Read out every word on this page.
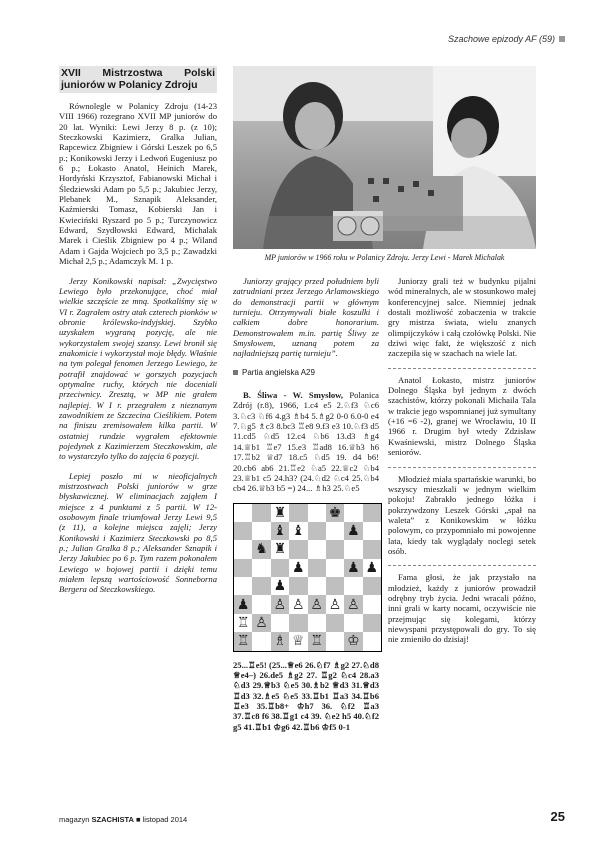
Szachowe epizody AF (59)
XVII Mistrzostwa Polski juniorów w Polanicy Zdroju

Równolegle w Polanicy Zdroju (14-23 VIII 1966) rozegrano XVII MP juniorów do 20 lat. Wyniki: Lewi Jerzy 8 p. (z 10); Steczkowski Kazimierz, Gralka Julian, Rapcewicz Zbigniew i Górski Leszek po 6,5 p.; Konikowski Jerzy i Ledwoń Eugeniusz po 6 p.; Łokasto Anatol, Heinich Marek, Hordyński Krzysztof, Fabianowski Michał i Śledziewski Adam po 5,5 p.; Jakubiec Jerzy, Plebanek M., Sznapik Aleksander, Kaźmierski Tomasz, Kobierski Jan i Kwieciński Ryszard po 5 p.; Turczynowicz Edward, Szydłowski Edward, Michalak Marek i Cieślik Zbigniew po 4 p.; Wiland Adam i Gajda Wojciech po 3,5 p.; Zawadzki Michał 2,5 p.; Adamczyk M. 1 p.

Jerzy Konikowski napisał: „Zwycięstwo Lewiego było przekonujące, choć miał wielkie szczęście ze mną. Spotkaliśmy się w VI r. Zagrałem ostry atak czterech pionków w obronie królewsko-indyjskiej. Szybko uzyskałem wygraną pozycję, ale nie wykorzystałem swojej szansy. Lewi bronił się znakomicie i wykorzystał moje błędy. Właśnie na tym polegał fenomen Jerzego Lewiego, że potrafił znajdować w gorszych pozycjach optymalne ruchy, których nie doceniali przeciwnicy. Zresztą, w MP nie grałem najlepiej. W I r. przegrałem z nieznanym zawodnikiem ze Szczecina Cieślikiem. Potem na finiszu zremisowałem kilka partii. W ostatniej rundzie wygrałem efektownie pojedynek z Kazimierzem Steczkowskim, ale to wystarczyło tylko do zajęcia 6 pozycji.

Lepiej poszło mi w nieoficjalnych mistrzostwach Polski juniorów w grze błyskawicznej. W eliminacjach zająłem I miejsce z 4 punktami z 5 partii. W 12-osobowym finale triumfował Jerzy Lewi 9,5 (z 11), a kolejne miejsca zajęli; Jerzy Konikowski i Kazimierz Steczkowski po 8,5 p.; Julian Gralka 8 p.; Aleksander Sznapik i Jerzy Jakubiec po 6 p. Tym razem pokonałem Lewiego w bojowej partii i dzięki temu miałem lepszą wartościowość Sonneborna Bergera od Steczkowskiego.

MP juniorów w 1966 roku w Polanicy Zdroju. Jerzy Lewi - Marek Michalak

Juniorzy grający przed południem byli zatrudniani przez Jerzego Arlamowskiego do demonstracji partii w głównym turnieju. Otrzymywali białe koszulki i całkiem dobre honorarium. Demonstrowałem m.in. partię Śliwy ze Smysłowem, uznaną potem za najładniejszą partię turnieju”.

Partia angielska A29

B. Śliwa - W. Smysłow, Polanica Zdrój (r.8), 1966, 1.c4 e5 2.♘f3 ♘c6 3.♘c3 ♘f6 4.g3 ♗b4 5.♗g2 0-0 6.0-0 e4 7.♘g5 ♗c3 8.bc3 ♖e8 9.f3 e3 10.♘f3 d5 11.cd5 ♘d5 12.c4 ♘b6 13.d3 ♗g4 14.♕b1 ♖e7 15.e3 ♖ad8 16.♕b3 h6 17.♖b2 ♕d7 18.c5 ♘d5 19. d4 b6! 20.cb6 ab6 21.♖e2 ♘a5 22.♕c2 ♘b4 23.♕b1 c5 24.h3? (24.♘d2 ♘c4 25.♘b4 cb4 26.♕b3 b5 =) 24... ♗h3 25.♘e5

♜	♚
♝ ♝	♟
♞ ♜
♟	♟ ♟
♟
♟ ♙ ♙ ♙ ♙ ♙
♖ ♙
♖ ♗ ♕ ♖ ♔

25...♖e5! (25...♕e6 26.♘f7 ♗g2 27.♘d8 ♕e4–) 26.de5 ♗g2 27. ♖g2 ♘c4 28.a3 ♘d3 29.♕b3 ♘e5 30.♗b2 ♕d3 31.♕d3 ♖d3 32.♗e5 ♘e5 33.♖b1 ♖a3 34.♖b6 ♖e3 35.♖b8+ ♔h7 36. ♘f2 ♖a3 37.♖c8 f6 38.♖g1 c4 39. ♘e2 h5 40.♘f2 g5 41.♖b1 ♔g6 42.♖b6 ♔f5 0-1

Juniorzy grali też w budynku pijalni wód mineralnych, ale w stosunkowo małej konferencyjnej salce. Niemniej jednak dostali możliwość zobaczenia w trakcie gry mistrza świata, wielu znanych olimpijczyków i całą czołówkę Polski. Nie dziwi więc fakt, że większość z nich zaczepiła się w szachach na wiele lat.

Anatol Łokasto, mistrz juniorów Dolnego Śląska był jednym z dwóch szachistów, którzy pokonali Michaila Tala w trakcie jego wspomnianej już symultany (+16 =6 -2), granej we Wrocławiu, 10 II 1966 r. Drugim był wtedy Zdzisław Kwaśniewski, mistrz Dolnego Śląska seniorów.

Młodzież miała spartańskie warunki, bo wszyscy mieszkali w jednym wielkim pokoju! Zabrakło jednego łóżka i pokrzywdzony Leszek Górski „spał na waleta” z Konikowskim w łóżku polowym, co przypomniało mi powojenne lata, kiedy tak wyglądały noclegi setek osób.

Fama głosi, że jak przystało na młodzież, każdy z juniorów prowadził odrębny tryb życia. Jedni wracali późno, inni grali w karty nocami, oczywiście nie przejmując się kolegami, którzy niewyspani przystępowali do gry. To się nie zmieniło do dzisiaj!

magazyn SZACHISTA ■ listopad 2014	25
